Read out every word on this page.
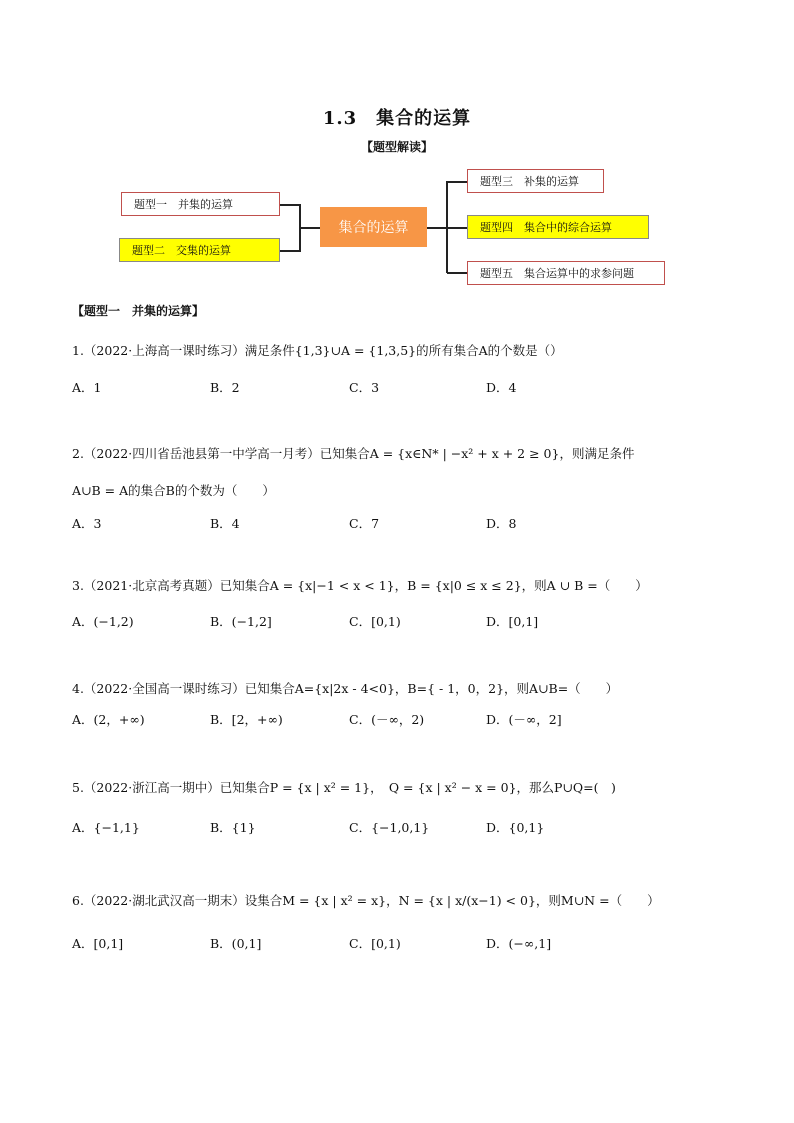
1.3　集合的运算
【题型解读】
题型一　并集的运算
题型二　交集的运算
集合的运算
题型三　补集的运算
题型四　集合中的综合运算
题型五　集合运算中的求参问题
【题型一　并集的运算】
1.（2022·上海高一课时练习）满足条件{1,3}∪A = {1,3,5}的所有集合A的个数是（）
A．1	B．2	C．3	D．4
2.（2022·四川省岳池县第一中学高一月考）已知集合A = {x∈N* | −x² + x + 2 ≥ 0}，则满足条件
A∪B = A的集合B的个数为（　　）
A．3	B．4	C．7	D．8
3.（2021·北京高考真题）已知集合A = {x|−1 < x < 1}，B = {x|0 ≤ x ≤ 2}，则A ∪ B =（　　）
A．(−1,2)	B．(−1,2]	C．[0,1)	D．[0,1]
4.（2022·全国高一课时练习）已知集合A={x|2x - 4<0}，B={ - 1，0，2}，则A∪B=（　　）
A．(2，+∞)	B．[2，+∞)	C．(－∞，2)	D．(－∞，2]
5.（2022·浙江高一期中）已知集合P = {x | x² = 1}，　Q = {x | x² − x = 0}，那么P∪Q=(　)
A．{−1,1}	B．{1}	C．{−1,0,1}	D．{0,1}
6.（2022·湖北武汉高一期末）设集合M = {x | x² = x}，N = {x | x/(x−1) < 0}，则M∪N =（　　）
A．[0,1]	B．(0,1]	C．[0,1)	D．(−∞,1]
